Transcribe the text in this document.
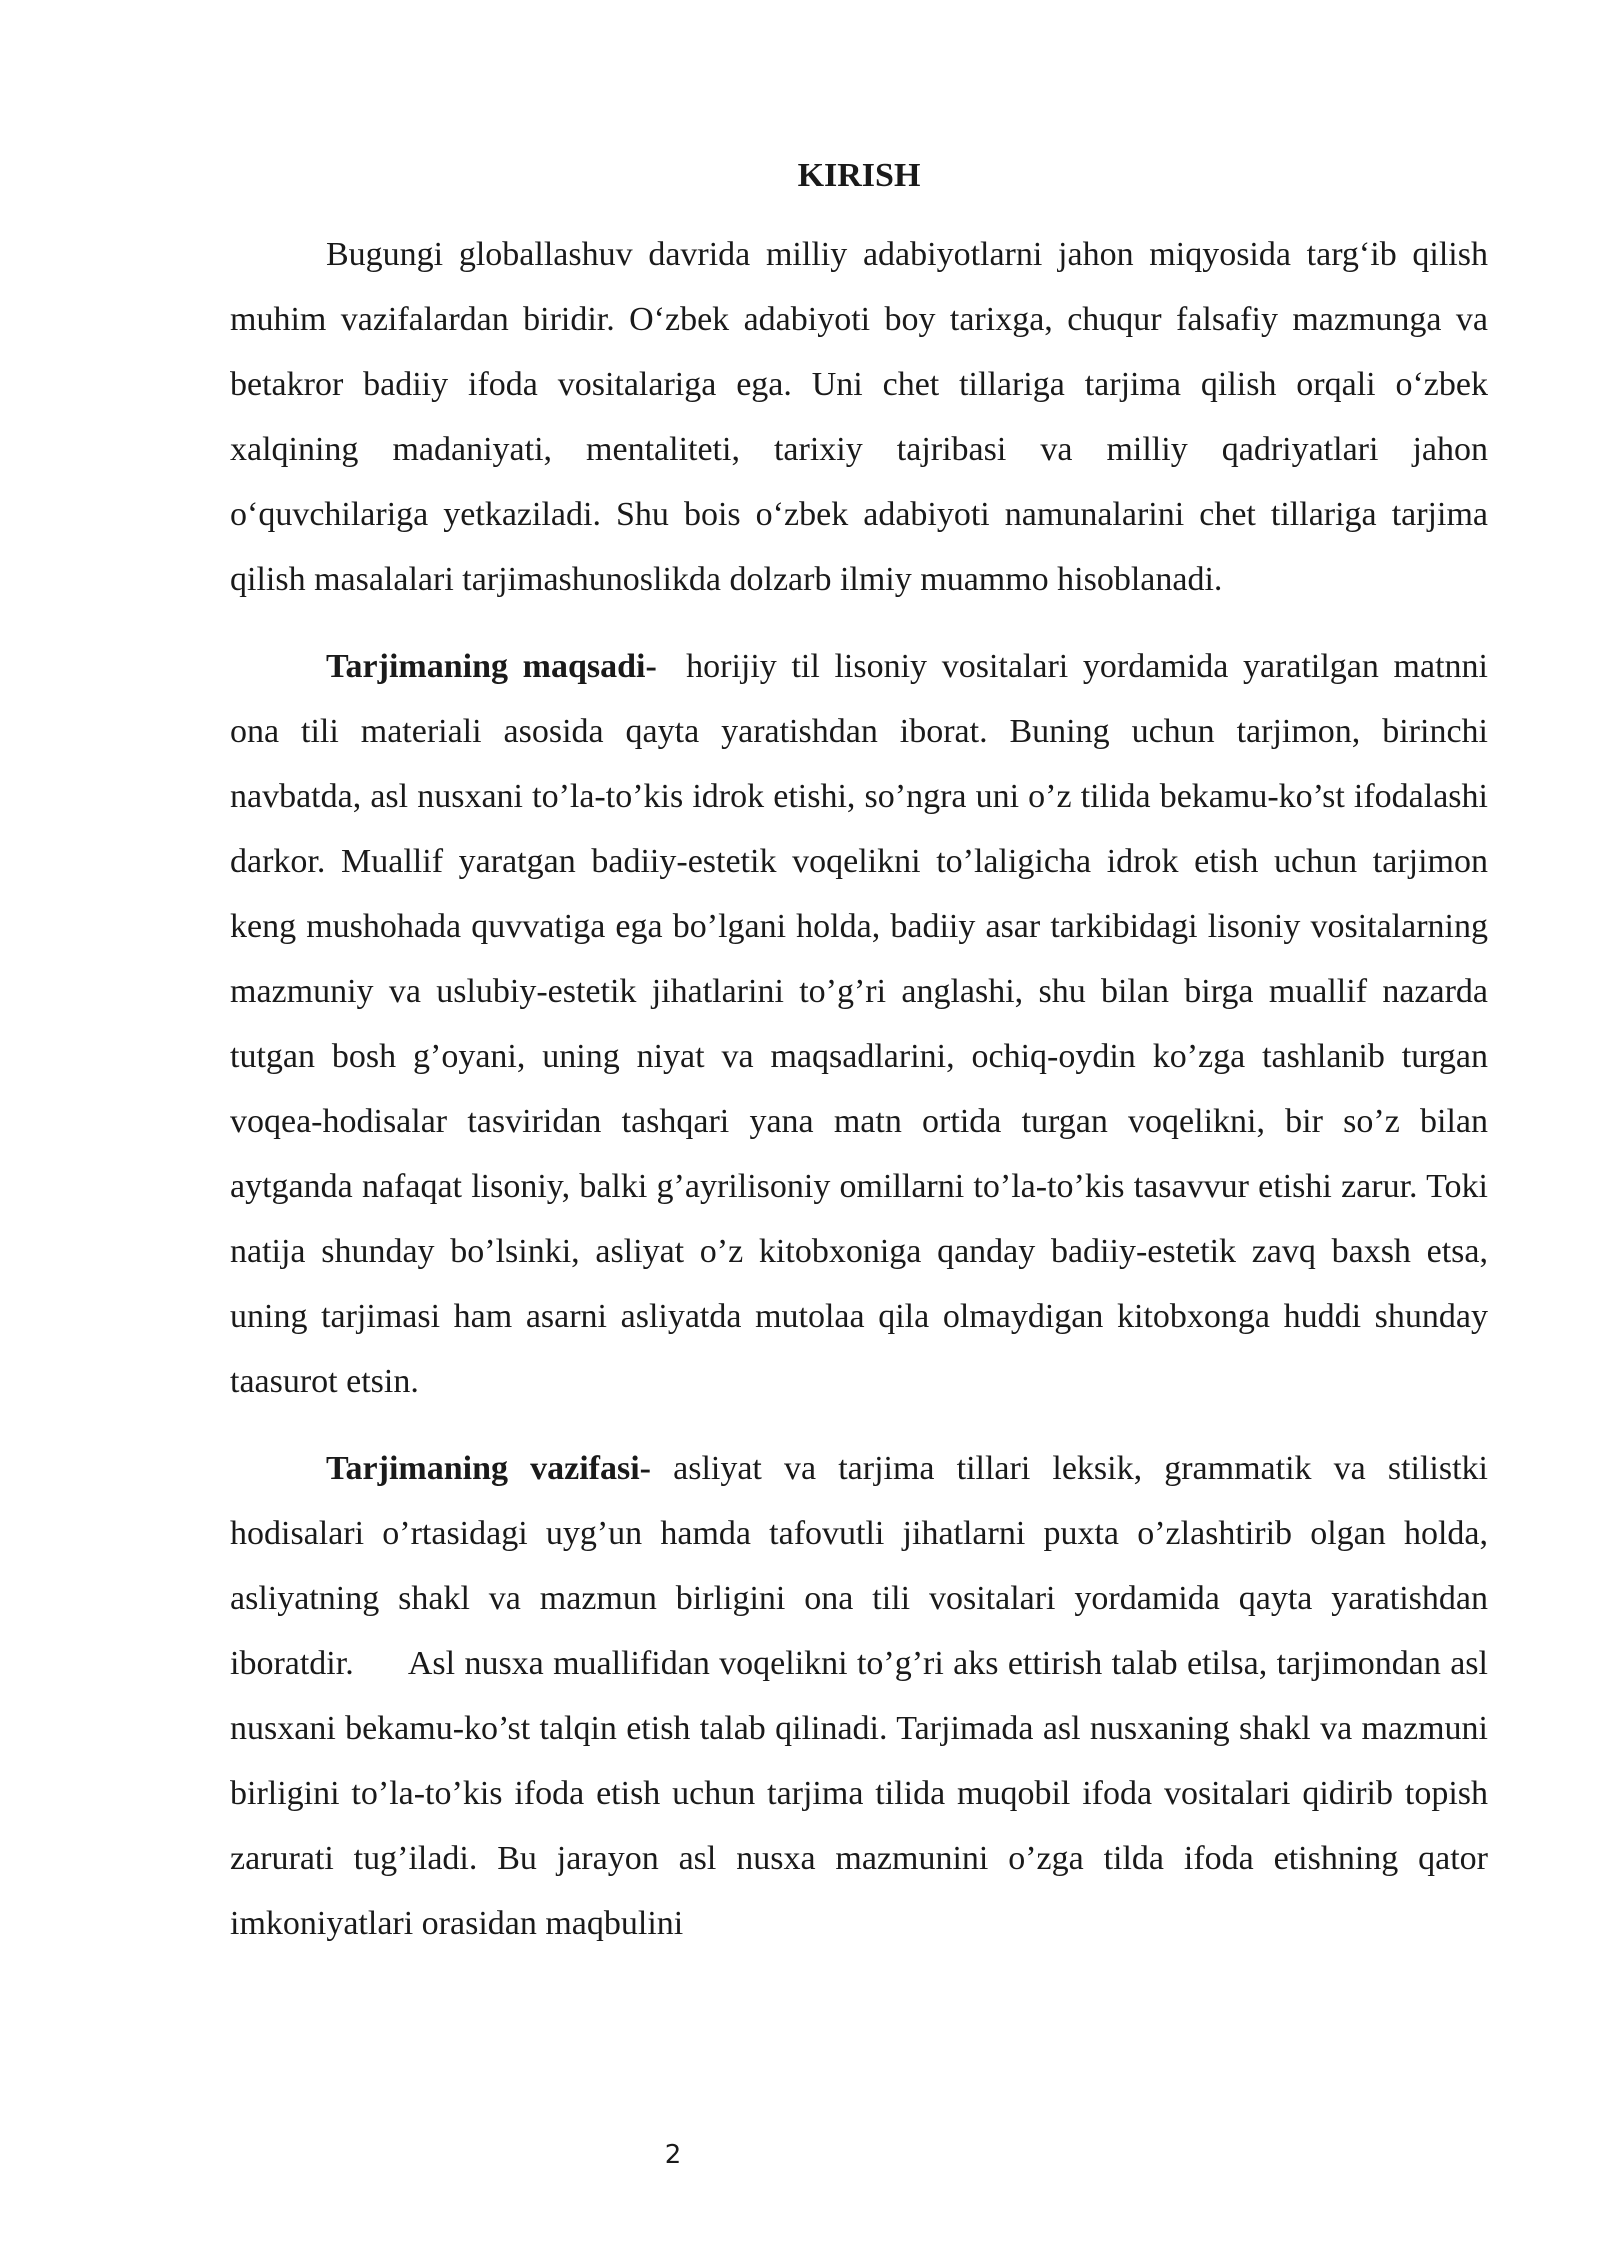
KIRISH

Bugungi globallashuv davrida milliy adabiyotlarni jahon miqyosida targ‘ib qilish muhim vazifalardan biridir. O‘zbek adabiyoti boy tarixga, chuqur falsafiy mazmunga va betakror badiiy ifoda vositalariga ega. Uni chet tillariga tarjima qilish orqali o‘zbek xalqining madaniyati, mentaliteti, tarixiy tajribasi va milliy qadriyatlari jahon o‘quvchilariga yetkaziladi. Shu bois o‘zbek adabiyoti namunalarini chet tillariga tarjima qilish masalalari tarjimashunoslikda dolzarb ilmiy muammo hisoblanadi.

Tarjimaning maqsadi-  horijiy til lisoniy vositalari yordamida yaratilgan matnni ona tili materiali asosida qayta yaratishdan iborat. Buning uchun tarjimon, birinchi navbatda, asl nusxani to’la-to’kis idrok etishi, so’ngra uni o’z tilida bekamu-ko’st ifodalashi darkor. Muallif yaratgan badiiy-estetik voqelikni to’laligicha idrok etish uchun tarjimon keng mushohada quvvatiga ega bo’lgani holda, badiiy asar tarkibidagi lisoniy vositalarning mazmuniy va uslubiy-estetik jihatlarini to’g’ri anglashi, shu bilan birga muallif nazarda tutgan bosh g’oyani, uning niyat va maqsadlarini, ochiq-oydin ko’zga tashlanib turgan voqea-hodisalar tasviridan tashqari yana matn ortida turgan voqelikni, bir so’z bilan aytganda nafaqat lisoniy, balki g’ayrilisoniy omillarni to’la-to’kis tasavvur etishi zarur. Toki natija shunday bo’lsinki, asliyat o’z kitobxoniga qanday badiiy-estetik zavq baxsh etsa, uning tarjimasi ham asarni asliyatda mutolaa qila olmaydigan kitobxonga huddi shunday taasurot etsin.

Tarjimaning vazifasi- asliyat va tarjima tillari leksik, grammatik va stilistki hodisalari o’rtasidagi uyg’un hamda tafovutli jihatlarni puxta o’zlashtirib olgan holda, asliyatning shakl va mazmun birligini ona tili vositalari yordamida qayta yaratishdan iboratdir.      Asl nusxa muallifidan voqelikni to’g’ri aks ettirish talab etilsa, tarjimondan asl nusxani bekamu-ko’st talqin etish talab qilinadi. Tarjimada asl nusxaning shakl va mazmuni birligini to’la-to’kis ifoda etish uchun tarjima tilida muqobil ifoda vositalari qidirib topish zarurati tug’iladi. Bu jarayon asl nusxa mazmunini o’zga tilda ifoda etishning qator imkoniyatlari orasidan maqbulini

2
